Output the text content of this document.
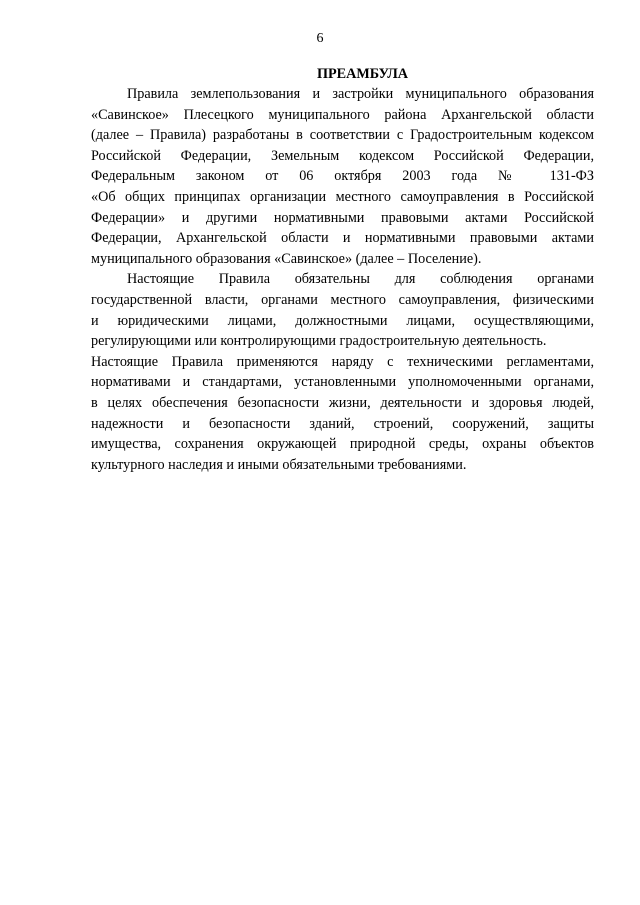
6
ПРЕАМБУЛА
Правила землепользования и застройки муниципального образования
«Савинское» Плесецкого муниципального района Архангельской области
(далее – Правила) разработаны в соответствии с Градостроительным кодексом
Российской Федерации, Земельным кодексом Российской Федерации,
Федеральным законом от 06 октября 2003 года № 131-ФЗ
«Об общих принципах организации местного самоуправления в Российской
Федерации» и другими нормативными правовыми актами Российской
Федерации, Архангельской области и нормативными правовыми актами
муниципального образования «Савинское» (далее – Поселение).
Настоящие Правила обязательны для соблюдения органами
государственной власти, органами местного самоуправления, физическими
и юридическими лицами, должностными лицами, осуществляющими,
регулирующими или контролирующими градостроительную деятельность.
Настоящие Правила применяются наряду с техническими регламентами,
нормативами и стандартами, установленными уполномоченными органами,
в целях обеспечения безопасности жизни, деятельности и здоровья людей,
надежности и безопасности зданий, строений, сооружений, защиты
имущества, сохранения окружающей природной среды, охраны объектов
культурного наследия и иными обязательными требованиями.
